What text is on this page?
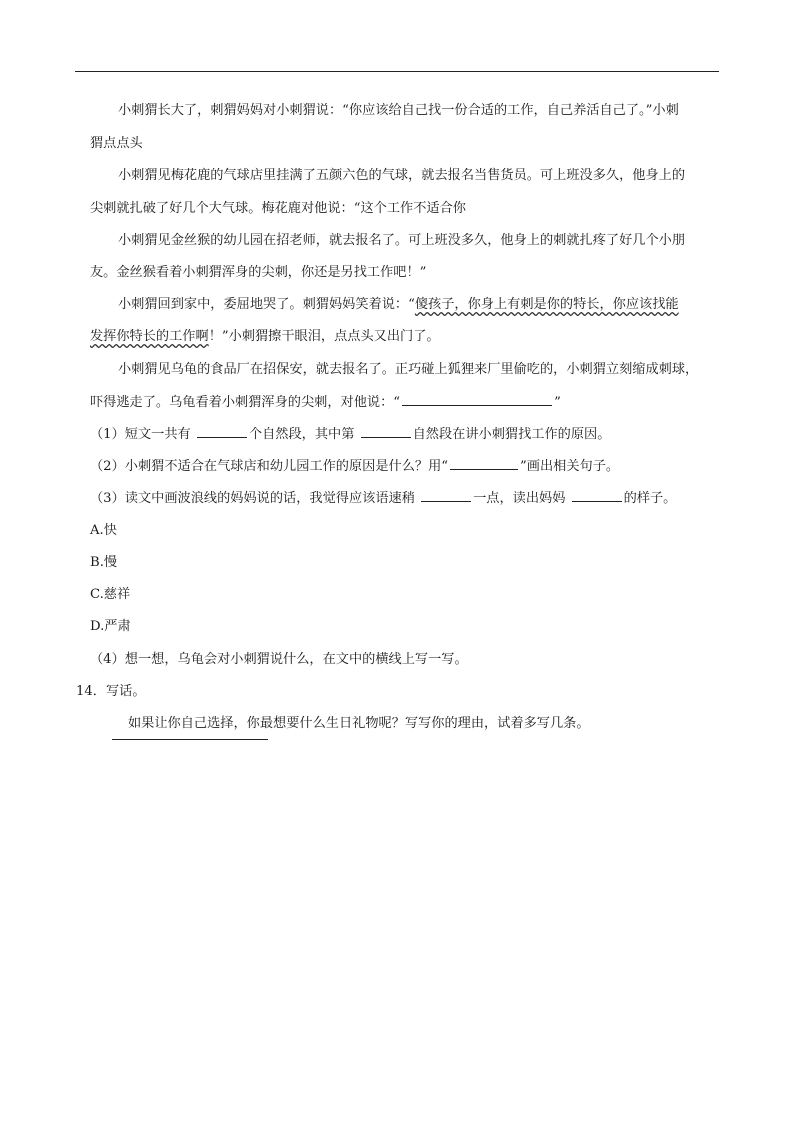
小刺猬长大了，刺猬妈妈对小刺猬说：“你应该给自己找一份合适的工作，自己养活自己了。”小刺
猬点点头
小刺猬见梅花鹿的气球店里挂满了五颜六色的气球，就去报名当售货员。可上班没多久，他身上的
尖刺就扎破了好几个大气球。梅花鹿对他说：“这个工作不适合你
小刺猬见金丝猴的幼儿园在招老师，就去报名了。可上班没多久，他身上的刺就扎疼了好几个小朋
友。金丝猴看着小刺猬浑身的尖刺，你还是另找工作吧！”
小刺猬回到家中，委屈地哭了。刺猬妈妈笑着说：“傻孩子，你身上有刺是你的特长，你应该找能
发挥你特长的工作啊！”小刺猬擦干眼泪，点点头又出门了。
小刺猬见乌龟的食品厂在招保安，就去报名了。正巧碰上狐狸来厂里偷吃的，小刺猬立刻缩成刺球，
吓得逃走了。乌龟看着小刺猬浑身的尖刺，对他说：“	”
（1）短文一共有	个自然段，其中第	自然段在讲小刺猬找工作的原因。
（2）小刺猬不适合在气球店和幼儿园工作的原因是什么？用“	”画出相关句子。
（3）读文中画波浪线的妈妈说的话，我觉得应该语速稍	一点，读出妈妈	的样子。
A.快
B.慢
C.慈祥
D.严肃
（4）想一想，乌龟会对小刺猬说什么，在文中的横线上写一写。
14．写话。
如果让你自己选择，你最想要什么生日礼物呢？写写你的理由，试着多写几条。
